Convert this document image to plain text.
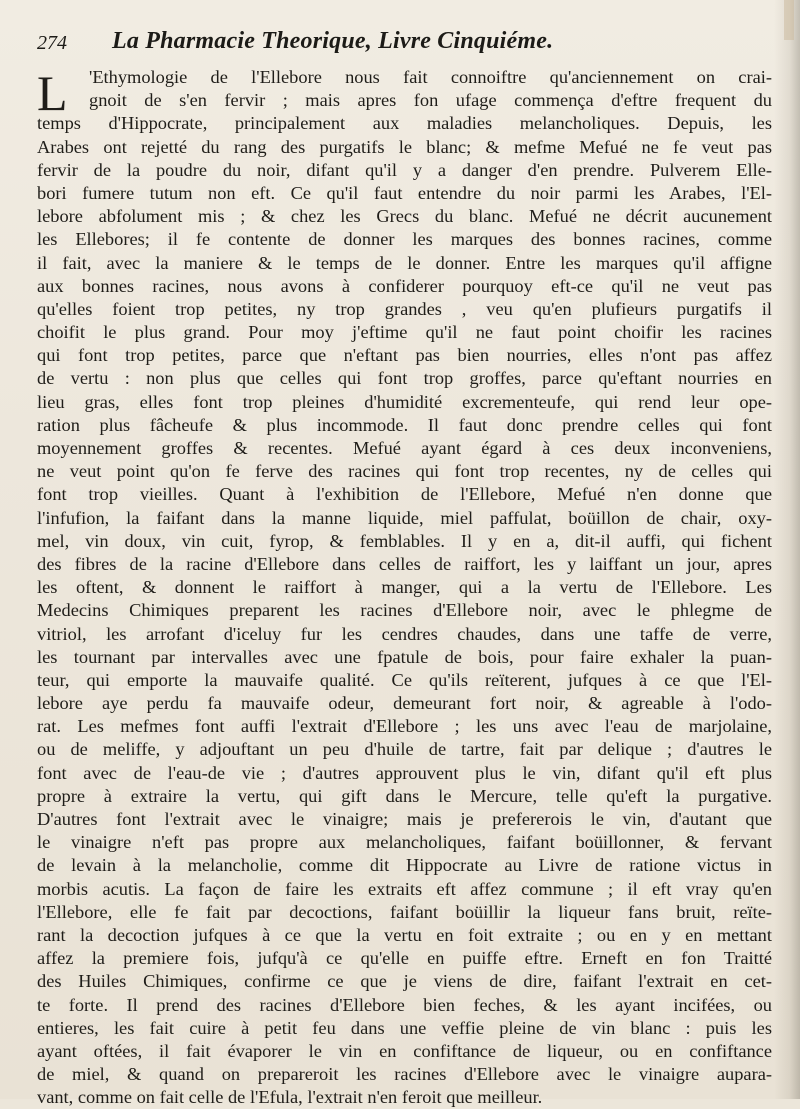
274 La Pharmacie Theorique, Livre Cinquiéme.
L	'Ethymologie de l'Ellebore nous fait connoiftre qu'anciennement on crai-
gnoit de s'en fervir ; mais apres fon ufage commença d'eftre frequent du
temps d'Hippocrate, principalement aux maladies melancholiques. Depuis, les
Arabes ont rejetté du rang des purgatifs le blanc; & mefme Mefué ne fe veut pas
fervir de la poudre du noir, difant qu'il y a danger d'en prendre. Pulverem Elle-
bori fumere tutum non eft. Ce qu'il faut entendre du noir parmi les Arabes, l'El-
lebore abfolument mis ; & chez les Grecs du blanc. Mefué ne décrit aucunement
les Ellebores; il fe contente de donner les marques des bonnes racines, comme
il fait, avec la maniere & le temps de le donner. Entre les marques qu'il affigne
aux bonnes racines, nous avons à confiderer pourquoy eft-ce qu'il ne veut pas
qu'elles foient trop petites, ny trop grandes , veu qu'en plufieurs purgatifs il
choifit le plus grand. Pour moy j'eftime qu'il ne faut point choifir les racines
qui font trop petites, parce que n'eftant pas bien nourries, elles n'ont pas affez
de vertu : non plus que celles qui font trop groffes, parce qu'eftant nourries en
lieu gras, elles font trop pleines d'humidité excrementeufe, qui rend leur ope-
ration plus fâcheufe & plus incommode. Il faut donc prendre celles qui font
moyennement groffes & recentes. Mefué ayant égard à ces deux inconveniens,
ne veut point qu'on fe ferve des racines qui font trop recentes, ny de celles qui
font trop vieilles. Quant à l'exhibition de l'Ellebore, Mefué n'en donne que
l'infufion, la faifant dans la manne liquide, miel paffulat, boüillon de chair, oxy-
mel, vin doux, vin cuit, fyrop, & femblables. Il y en a, dit-il auffi, qui fichent
des fibres de la racine d'Ellebore dans celles de raiffort, les y laiffant un jour, apres
les oftent, & donnent le raiffort à manger, qui a la vertu de l'Ellebore. Les
Medecins Chimiques preparent les racines d'Ellebore noir, avec le phlegme de
vitriol, les arrofant d'iceluy fur les cendres chaudes, dans une taffe de verre,
les tournant par intervalles avec une fpatule de bois, pour faire exhaler la puan-
teur, qui emporte la mauvaife qualité. Ce qu'ils reïterent, jufques à ce que l'El-
lebore aye perdu fa mauvaife odeur, demeurant fort noir, & agreable à l'odo-
rat. Les mefmes font auffi l'extrait d'Ellebore ; les uns avec l'eau de marjolaine,
ou de meliffe, y adjouftant un peu d'huile de tartre, fait par delique ; d'autres le
font avec de l'eau-de vie ; d'autres approuvent plus le vin, difant qu'il eft plus
propre à extraire la vertu, qui gift dans le Mercure, telle qu'eft la purgative.
D'autres font l'extrait avec le vinaigre; mais je prefererois le vin, d'autant que
le vinaigre n'eft pas propre aux melancholiques, faifant boüillonner, & fervant
de levain à la melancholie, comme dit Hippocrate au Livre de ratione victus in
morbis acutis. La façon de faire les extraits eft affez commune ; il eft vray qu'en
l'Ellebore, elle fe fait par decoctions, faifant boüillir la liqueur fans bruit, reïte-
rant la decoction jufques à ce que la vertu en foit extraite ; ou en y en mettant
affez la premiere fois, jufqu'à ce qu'elle en puiffe eftre. Erneft en fon Traitté
des Huiles Chimiques, confirme ce que je viens de dire, faifant l'extrait en cet-
te forte. Il prend des racines d'Ellebore bien feches, & les ayant incifées, ou
entieres, les fait cuire à petit feu dans une veffie pleine de vin blanc : puis les
ayant oftées, il fait évaporer le vin en confiftance de liqueur, ou en confiftance
de miel, & quand on prepareroit les racines d'Ellebore avec le vinaigre auparа-
vant, comme on fait celle de l'Efula, l'extrait n'en feroit que meilleur.
